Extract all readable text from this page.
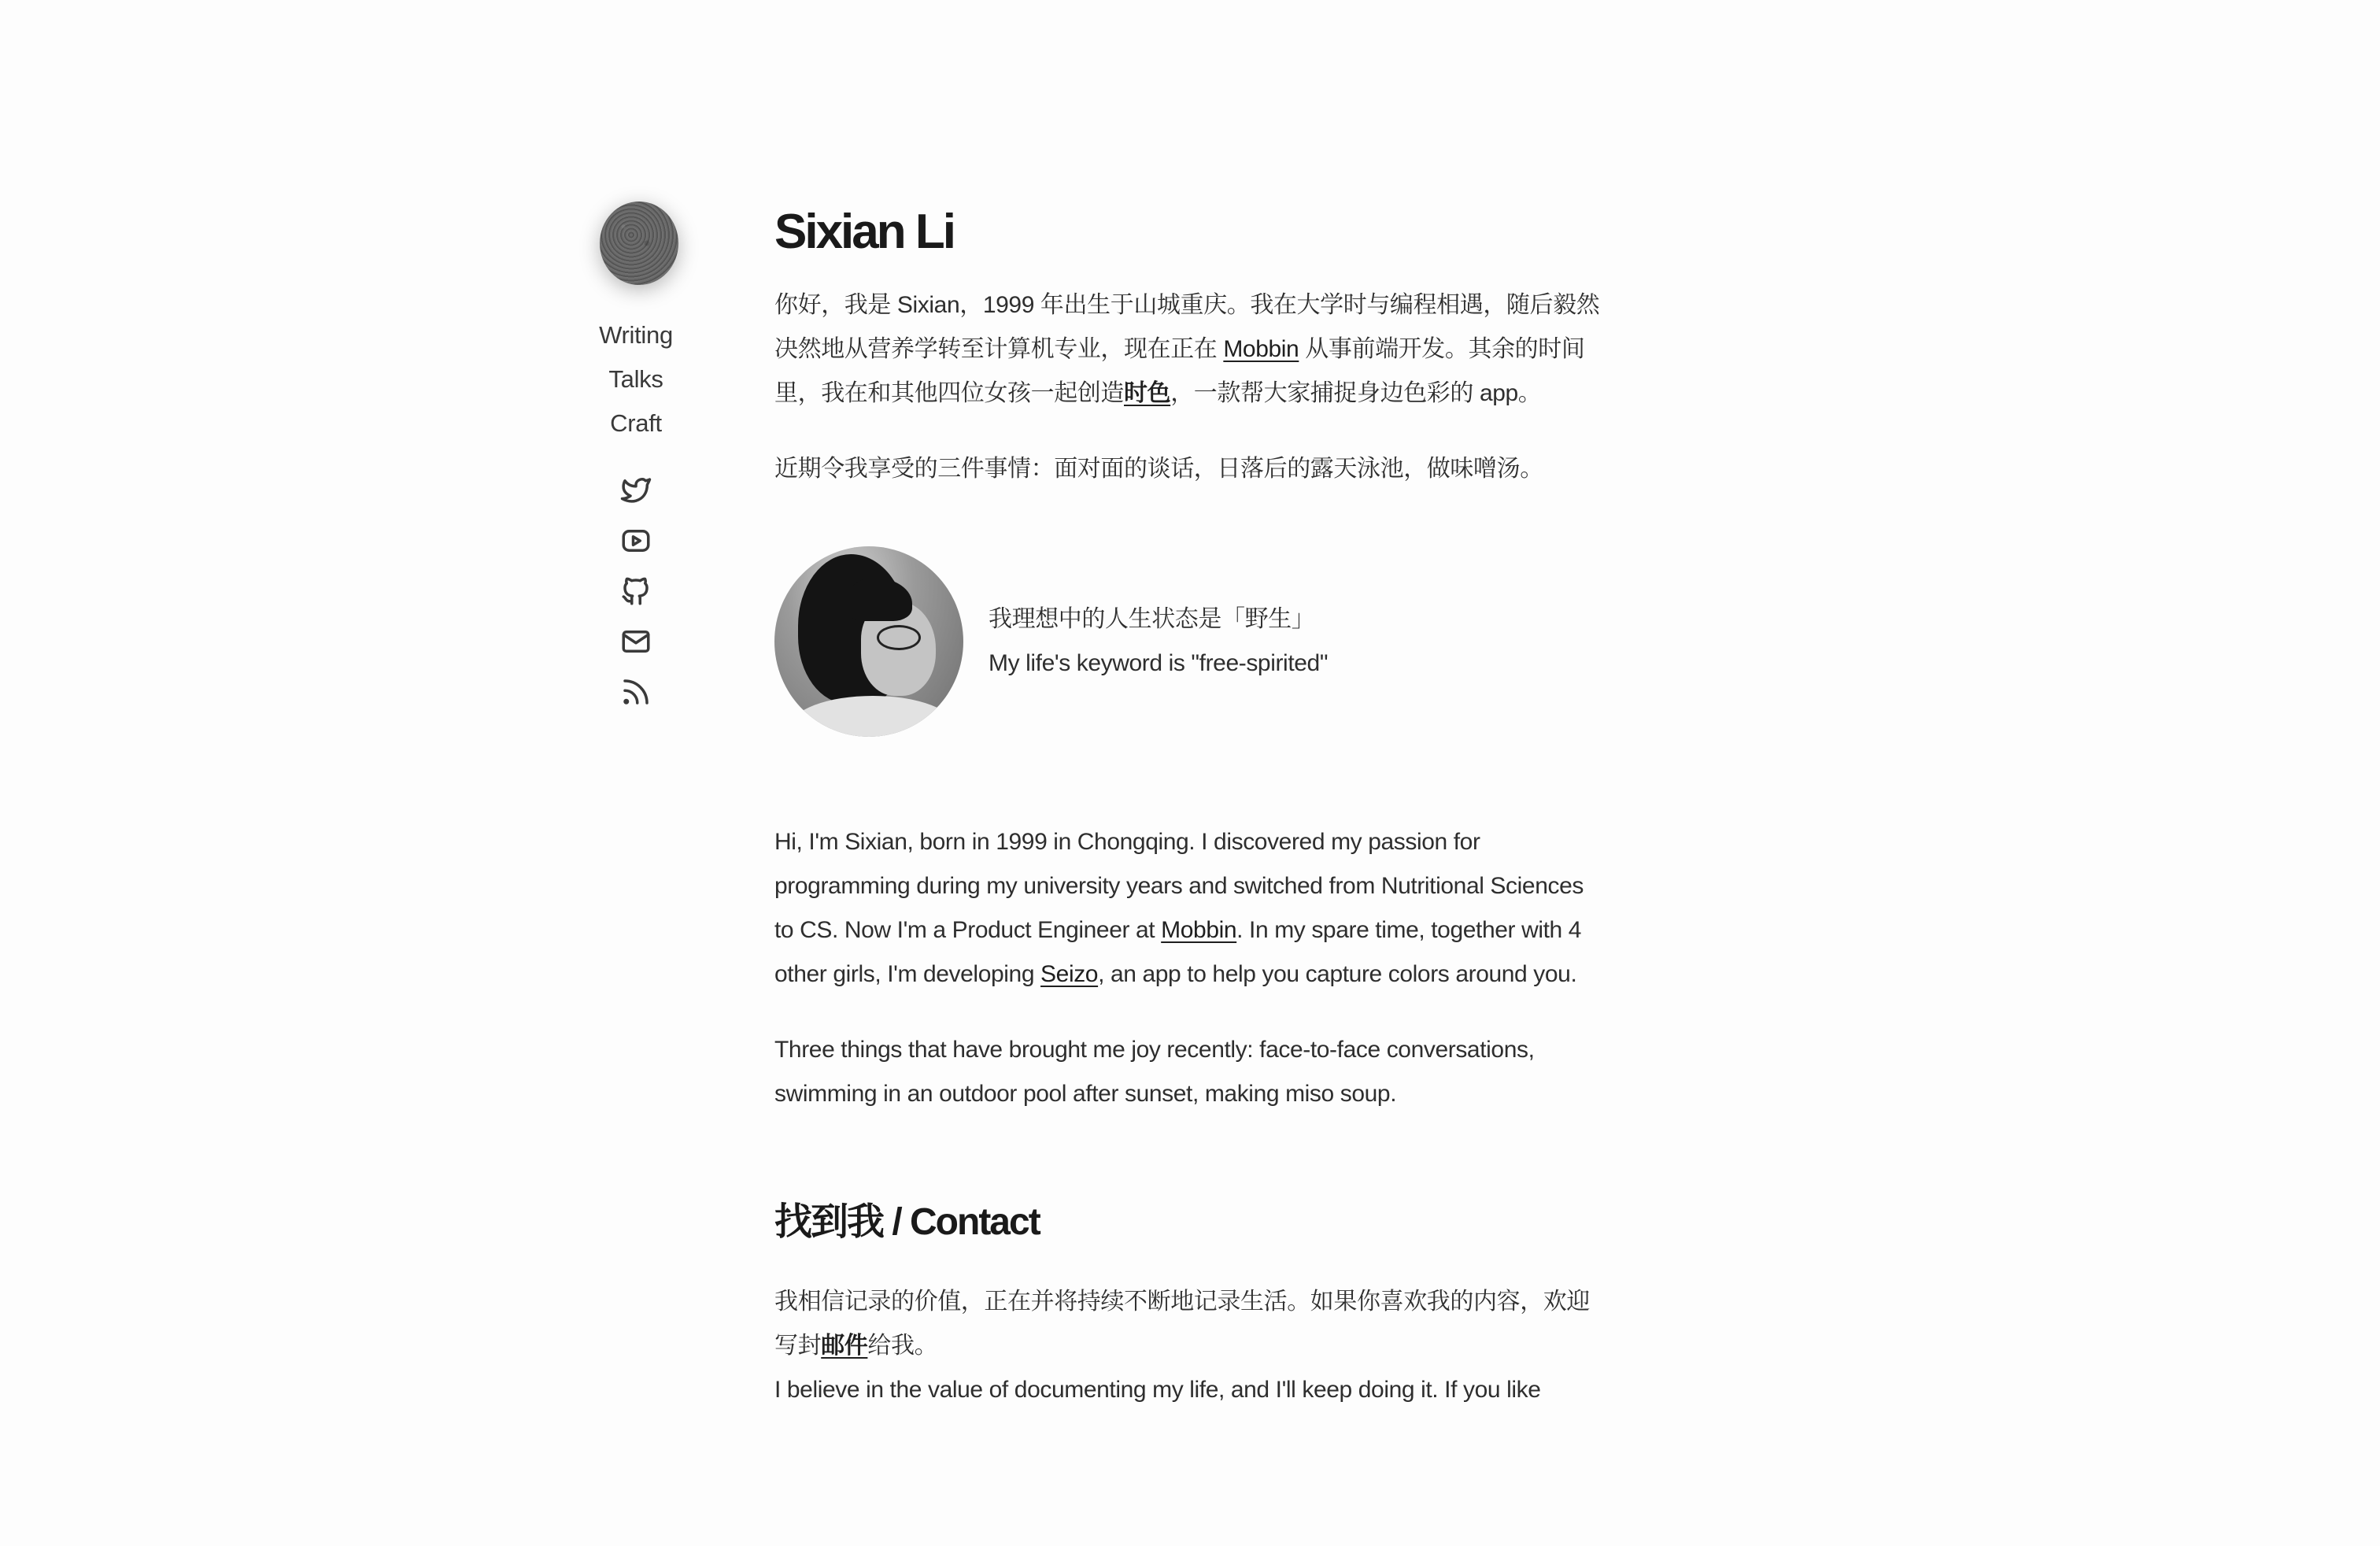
Writing
Talks
Craft
Sixian Li

你好，我是 Sixian，1999 年出生于山城重庆。我在大学时与编程相遇，随后毅然决然地从营养学转至计算机专业，现在正在 Mobbin 从事前端开发。其余的时间里，我在和其他四位女孩一起创造时色，一款帮大家捕捉身边色彩的 app。

近期令我享受的三件事情：面对面的谈话，日落后的露天泳池，做味噌汤。

我理想中的人生状态是「野生」

My life's keyword is "free-spirited"

Hi, I'm Sixian, born in 1999 in Chongqing. I discovered my passion for programming during my university years and switched from Nutritional Sciences to CS. Now I'm a Product Engineer at Mobbin. In my spare time, together with 4 other girls, I'm developing Seizo, an app to help you capture colors around you.

Three things that have brought me joy recently: face-to-face conversations, swimming in an outdoor pool after sunset, making miso soup.

找到我 / Contact

我相信记录的价值，正在并将持续不断地记录生活。如果你喜欢我的内容，欢迎写封邮件给我。

I believe in the value of documenting my life, and I'll keep doing it. If you like
